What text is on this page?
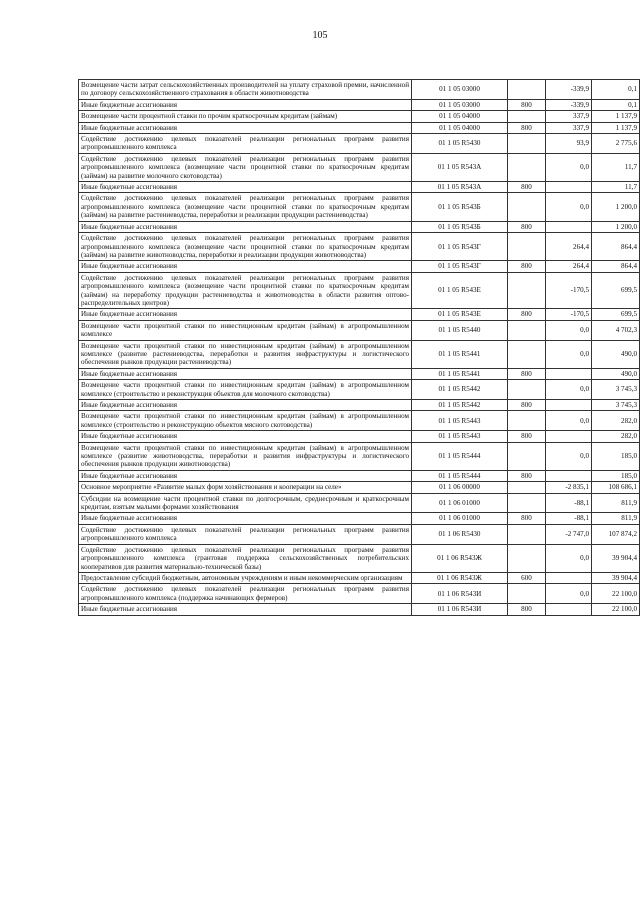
105
Возмещение части затрат сельскохозяйственных производителей на уплату страховой премии, начисленной по договору сельскохозяйственного страхования в области животноводства	01 1 05 03000		-339,9	0,1
Иные бюджетные ассигнования	01 1 05 03000	800	-339,9	0,1
Возмещение части процентной ставки по прочим краткосрочным кредитам (займам)	01 1 05 04000		337,9	1 137,9
Иные бюджетные ассигнования	01 1 05 04000	800	337,9	1 137,9
Содействие достижению целевых показателей реализации региональных программ развития агропромышленного комплекса	01 1 05 R5430		93,9	2 775,6
Содействие достижению целевых показателей реализации региональных программ развития агропромышленного комплекса (возмещение части процентной ставки по краткосрочным кредитам (займам) на развитие молочного скотоводства)	01 1 05 R543А		0,0	11,7
Иные бюджетные ассигнования	01 1 05 R543А	800		11,7
Содействие достижению целевых показателей реализации региональных программ развития агропромышленного комплекса (возмещение части процентной ставки по краткосрочным кредитам (займам) на развитие растениеводства, переработки и реализации продукции растениеводства)	01 1 05 R543Б		0,0	1 200,0
Иные бюджетные ассигнования	01 1 05 R543Б	800		1 200,0
Содействие достижению целевых показателей реализации региональных программ развития агропромышленного комплекса (возмещение части процентной ставки по краткосрочным кредитам (займам) на развитие животноводства, переработки и реализации продукции животноводства)	01 1 05 R543Г		264,4	864,4
Иные бюджетные ассигнования	01 1 05 R543Г	800	264,4	864,4
Содействие достижению целевых показателей реализации региональных программ развития агропромышленного комплекса (возмещение части процентной ставки по краткосрочным кредитам (займам) на переработку продукции растениеводства и животноводства в области развития оптово-распределительных центров)	01 1 05 R543Е		-170,5	699,5
Иные бюджетные ассигнования	01 1 05 R543Е	800	-170,5	699,5
Возмещение части процентной ставки по инвестиционным кредитам (займам) в агропромышленном комплексе	01 1 05 R5440		0,0	4 702,3
Возмещение части процентной ставки по инвестиционным кредитам (займам) в агропромышленном комплексе (развитие растениеводства, переработки и развития инфраструктуры и логистического обеспечения рынков продукции растениеводства)	01 1 05 R5441		0,0	490,0
Иные бюджетные ассигнования	01 1 05 R5441	800		490,0
Возмещение части процентной ставки по инвестиционным кредитам (займам) в агропромышленном комплексе (строительство и реконструкция объектов для молочного скотоводства)	01 1 05 R5442		0,0	3 745,3
Иные бюджетные ассигнования	01 1 05 R5442	800		3 745,3
Возмещение части процентной ставки по инвестиционным кредитам (займам) в агропромышленном комплексе (строительство и реконструкцию объектов мясного скотоводства)	01 1 05 R5443		0,0	282,0
Иные бюджетные ассигнования	01 1 05 R5443	800		282,0
Возмещение части процентной ставки по инвестиционным кредитам (займам) в агропромышленном комплексе (развитие животноводства, переработки и развития инфраструктуры и логистического обеспечения рынков продукции животноводства)	01 1 05 R5444		0,0	185,0
Иные бюджетные ассигнования	01 1 05 R5444	800		185,0
Основное мероприятие «Развитие малых форм хозяйствования и кооперации на селе»	01 1 06 00000		-2 835,1	108 686,1
Субсидии на возмещение части процентной ставки по долгосрочным, среднесрочным и краткосрочным кредитам, взятым малыми формами хозяйствования	01 1 06 01000		-88,1	811,9
Иные бюджетные ассигнования	01 1 06 01000	800	-88,1	811,9
Содействие достижению целевых показателей реализации региональных программ развития агропромышленного комплекса	01 1 06 R5430		-2 747,0	107 874,2
Содействие достижению целевых показателей реализации региональных программ развития агропромышленного комплекса (грантовая поддержка сельскохозяйственных потребительских кооперативов для развития материально-технической базы)	01 1 06 R543Ж		0,0	39 904,4
Предоставление субсидий бюджетным, автономным учреждениям и иным некоммерческим организациям	01 1 06 R543Ж	600		39 904,4
Содействие достижению целевых показателей реализации региональных программ развития агропромышленного комплекса (поддержка начинающих фермеров)	01 1 06 R543И		0,0	22 100,0
Иные бюджетные ассигнования	01 1 06 R543И	800		22 100,0
